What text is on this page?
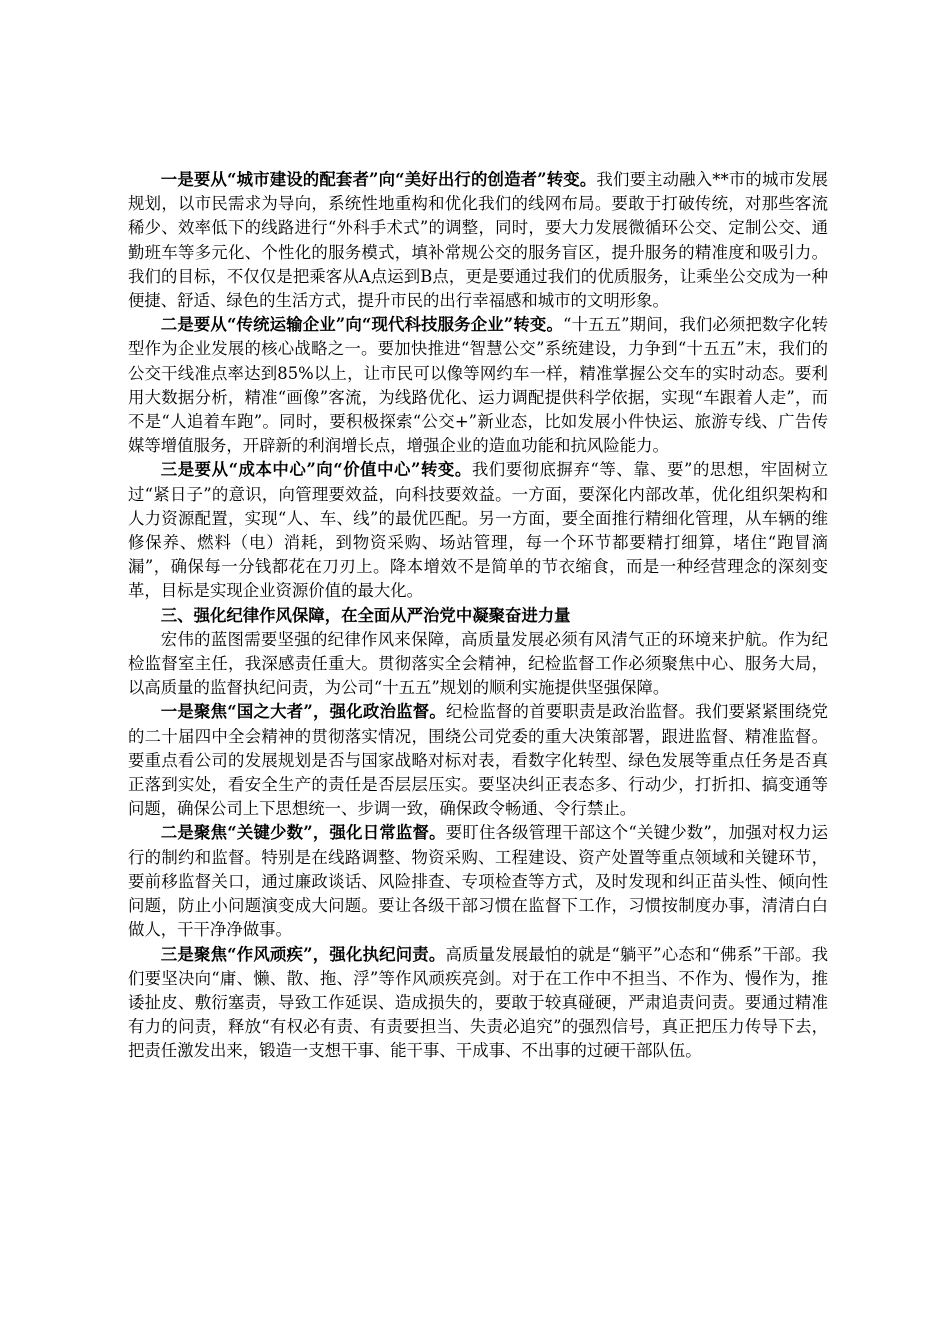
一是要从“城市建设的配套者”向“美好出行的创造者”转变。我们要主动融入**市的城市发展规划，以市民需求为导向，系统性地重构和优化我们的线网布局。要敢于打破传统，对那些客流稀少、效率低下的线路进行“外科手术式”的调整，同时，要大力发展微循环公交、定制公交、通勤班车等多元化、个性化的服务模式，填补常规公交的服务盲区，提升服务的精准度和吸引力。我们的目标，不仅仅是把乘客从A点运到B点，更是要通过我们的优质服务，让乘坐公交成为一种便捷、舒适、绿色的生活方式，提升市民的出行幸福感和城市的文明形象。

二是要从“传统运输企业”向“现代科技服务企业”转变。“十五五”期间，我们必须把数字化转型作为企业发展的核心战略之一。要加快推进“智慧公交”系统建设，力争到“十五五”末，我们的公交干线准点率达到85%以上，让市民可以像等网约车一样，精准掌握公交车的实时动态。要利用大数据分析，精准“画像”客流，为线路优化、运力调配提供科学依据，实现“车跟着人走”，而不是“人追着车跑”。同时，要积极探索“公交+”新业态，比如发展小件快运、旅游专线、广告传媒等增值服务，开辟新的利润增长点，增强企业的造血功能和抗风险能力。

三是要从“成本中心”向“价值中心”转变。我们要彻底摒弃“等、靠、要”的思想，牢固树立过“紧日子”的意识，向管理要效益，向科技要效益。一方面，要深化内部改革，优化组织架构和人力资源配置，实现“人、车、线”的最优匹配。另一方面，要全面推行精细化管理，从车辆的维修保养、燃料（电）消耗，到物资采购、场站管理，每一个环节都要精打细算，堵住“跑冒滴漏”，确保每一分钱都花在刀刃上。降本增效不是简单的节衣缩食，而是一种经营理念的深刻变革，目标是实现企业资源价值的最大化。

三、强化纪律作风保障，在全面从严治党中凝聚奋进力量

宏伟的蓝图需要坚强的纪律作风来保障，高质量发展必须有风清气正的环境来护航。作为纪检监督室主任，我深感责任重大。贯彻落实全会精神，纪检监督工作必须聚焦中心、服务大局，以高质量的监督执纪问责，为公司“十五五”规划的顺利实施提供坚强保障。

一是聚焦“国之大者”，强化政治监督。纪检监督的首要职责是政治监督。我们要紧紧围绕党的二十届四中全会精神的贯彻落实情况，围绕公司党委的重大决策部署，跟进监督、精准监督。要重点看公司的发展规划是否与国家战略对标对表，看数字化转型、绿色发展等重点任务是否真正落到实处，看安全生产的责任是否层层压实。要坚决纠正表态多、行动少，打折扣、搞变通等问题，确保公司上下思想统一、步调一致，确保政令畅通、令行禁止。

二是聚焦“关键少数”，强化日常监督。要盯住各级管理干部这个“关键少数”，加强对权力运行的制约和监督。特别是在线路调整、物资采购、工程建设、资产处置等重点领域和关键环节，要前移监督关口，通过廉政谈话、风险排查、专项检查等方式，及时发现和纠正苗头性、倾向性问题，防止小问题演变成大问题。要让各级干部习惯在监督下工作，习惯按制度办事，清清白白做人，干干净净做事。

三是聚焦“作风顽疾”，强化执纪问责。高质量发展最怕的就是“躺平”心态和“佛系”干部。我们要坚决向“庸、懒、散、拖、浮”等作风顽疾亮剑。对于在工作中不担当、不作为、慢作为，推诿扯皮、敷衍塞责，导致工作延误、造成损失的，要敢于较真碰硬，严肃追责问责。要通过精准有力的问责，释放“有权必有责、有责要担当、失责必追究”的强烈信号，真正把压力传导下去，把责任激发出来，锻造一支想干事、能干事、干成事、不出事的过硬干部队伍。
